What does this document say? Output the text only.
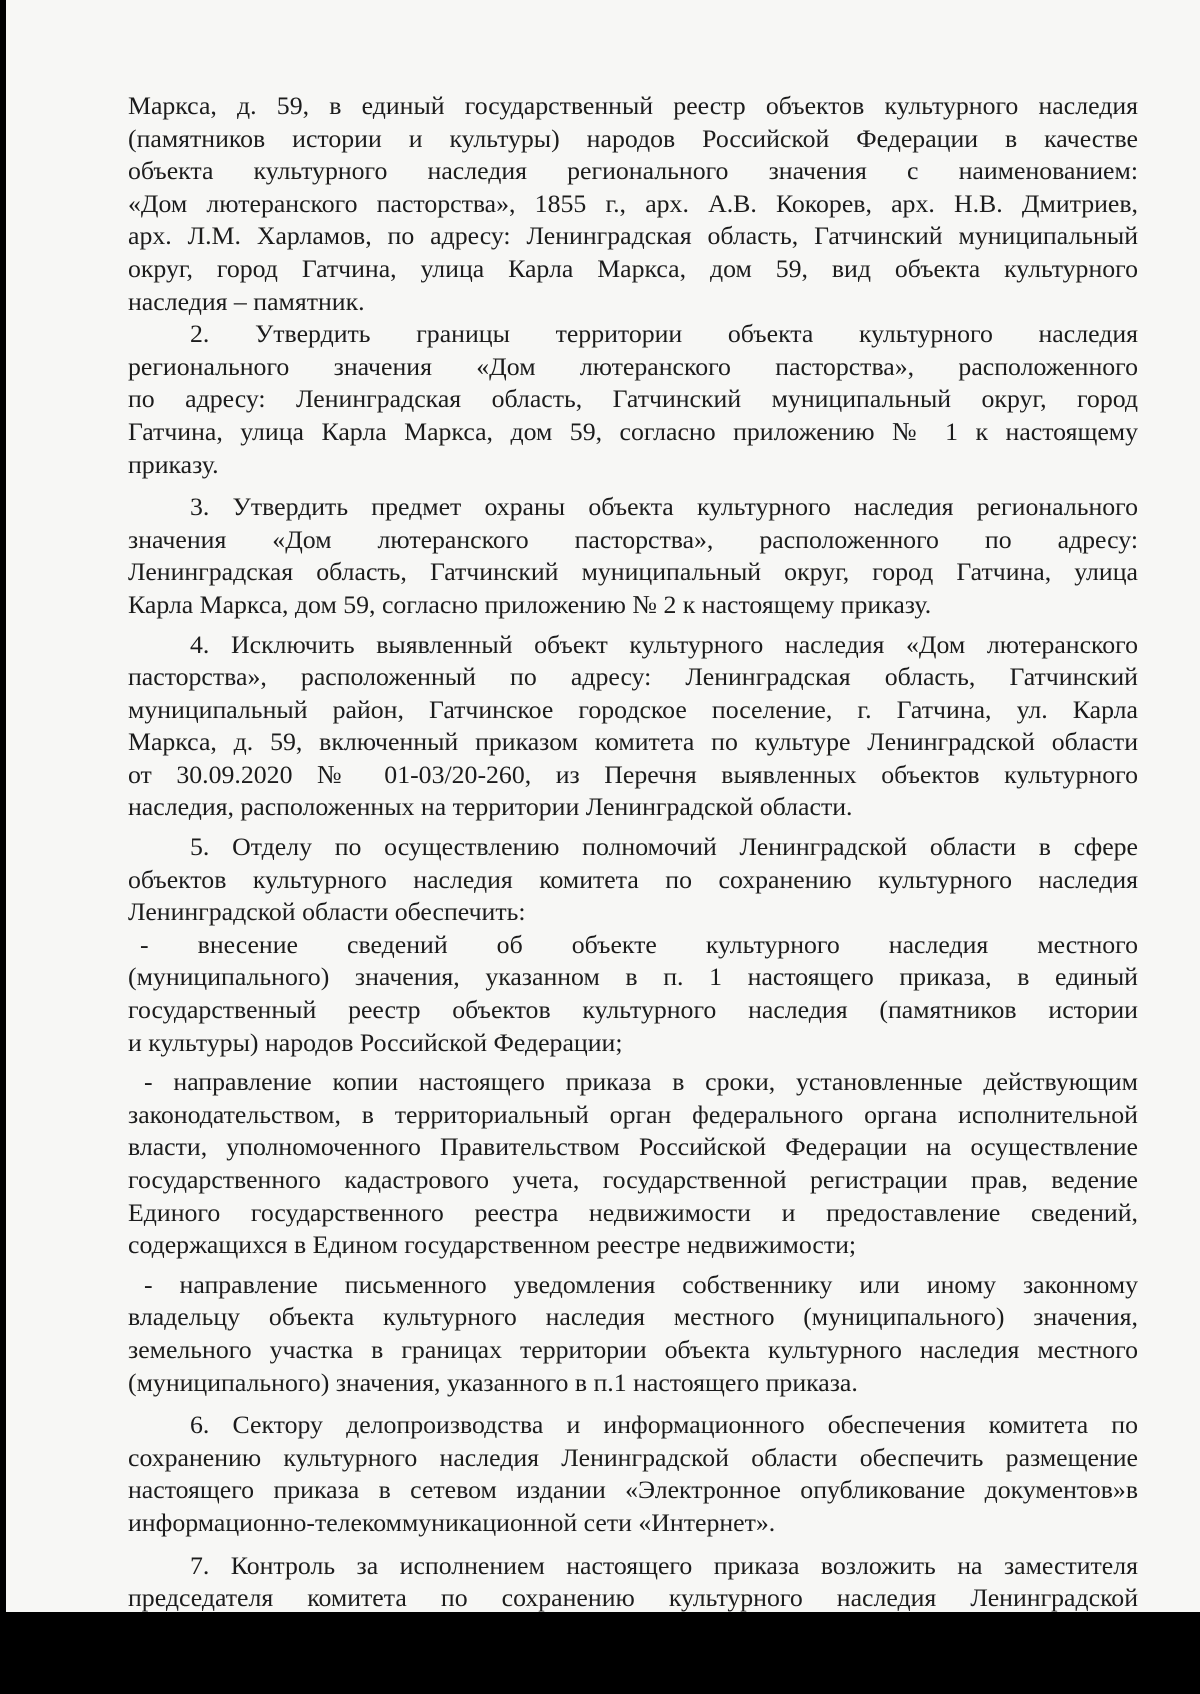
Маркса, д. 59, в единый государственный реестр объектов культурного наследия

(памятников истории и культуры) народов Российской Федерации в качестве

объекта культурного наследия регионального значения с наименованием:

«Дом лютеранского пасторства», 1855 г., арх. А.В. Кокорев, арх. Н.В. Дмитриев,

арх. Л.М. Харламов, по адресу: Ленинградская область, Гатчинский муниципальный

округ, город Гатчина, улица Карла Маркса, дом 59, вид объекта культурного

наследия – памятник.

2. Утвердить границы территории объекта культурного наследия

регионального значения «Дом лютеранского пасторства», расположенного

по адресу: Ленинградская область, Гатчинский муниципальный округ, город

Гатчина, улица Карла Маркса, дом 59, согласно приложению № 1 к настоящему

приказу.

3. Утвердить предмет охраны объекта культурного наследия регионального

значения «Дом лютеранского пасторства», расположенного по адресу:

Ленинградская область, Гатчинский муниципальный округ, город Гатчина, улица

Карла Маркса, дом 59, согласно приложению № 2 к настоящему приказу.

4. Исключить выявленный объект культурного наследия «Дом лютеранского

пасторства», расположенный по адресу: Ленинградская область, Гатчинский

муниципальный район, Гатчинское городское поселение, г. Гатчина, ул. Карла

Маркса, д. 59, включенный приказом комитета по культуре Ленинградской области

от 30.09.2020 № 01-03/20-260, из Перечня выявленных объектов культурного

наследия, расположенных на территории Ленинградской области.

5. Отделу по осуществлению полномочий Ленинградской области в сфере

объектов культурного наследия комитета по сохранению культурного наследия

Ленинградской области обеспечить:

- внесение сведений об объекте культурного наследия местного

(муниципального) значения, указанном в п. 1 настоящего приказа, в единый

государственный реестр объектов культурного наследия (памятников истории

и культуры) народов Российской Федерации;

- направление копии настоящего приказа в сроки, установленные действующим

законодательством, в территориальный орган федерального органа исполнительной

власти, уполномоченного Правительством Российской Федерации на осуществление

государственного кадастрового учета, государственной регистрации прав, ведение

Единого государственного реестра недвижимости и предоставление сведений,

содержащихся в Едином государственном реестре недвижимости;

- направление письменного уведомления собственнику или иному законному

владельцу объекта культурного наследия местного (муниципального) значения,

земельного участка в границах территории объекта культурного наследия местного

(муниципального) значения, указанного в п.1 настоящего приказа.

6. Сектору делопроизводства и информационного обеспечения комитета по

сохранению культурного наследия Ленинградской области обеспечить размещение

настоящего приказа в сетевом издании «Электронное опубликование документов»в

информационно-телекоммуникационной сети «Интернет».

7. Контроль за исполнением настоящего приказа возложить на заместителя

председателя комитета по сохранению культурного наследия Ленинградской
